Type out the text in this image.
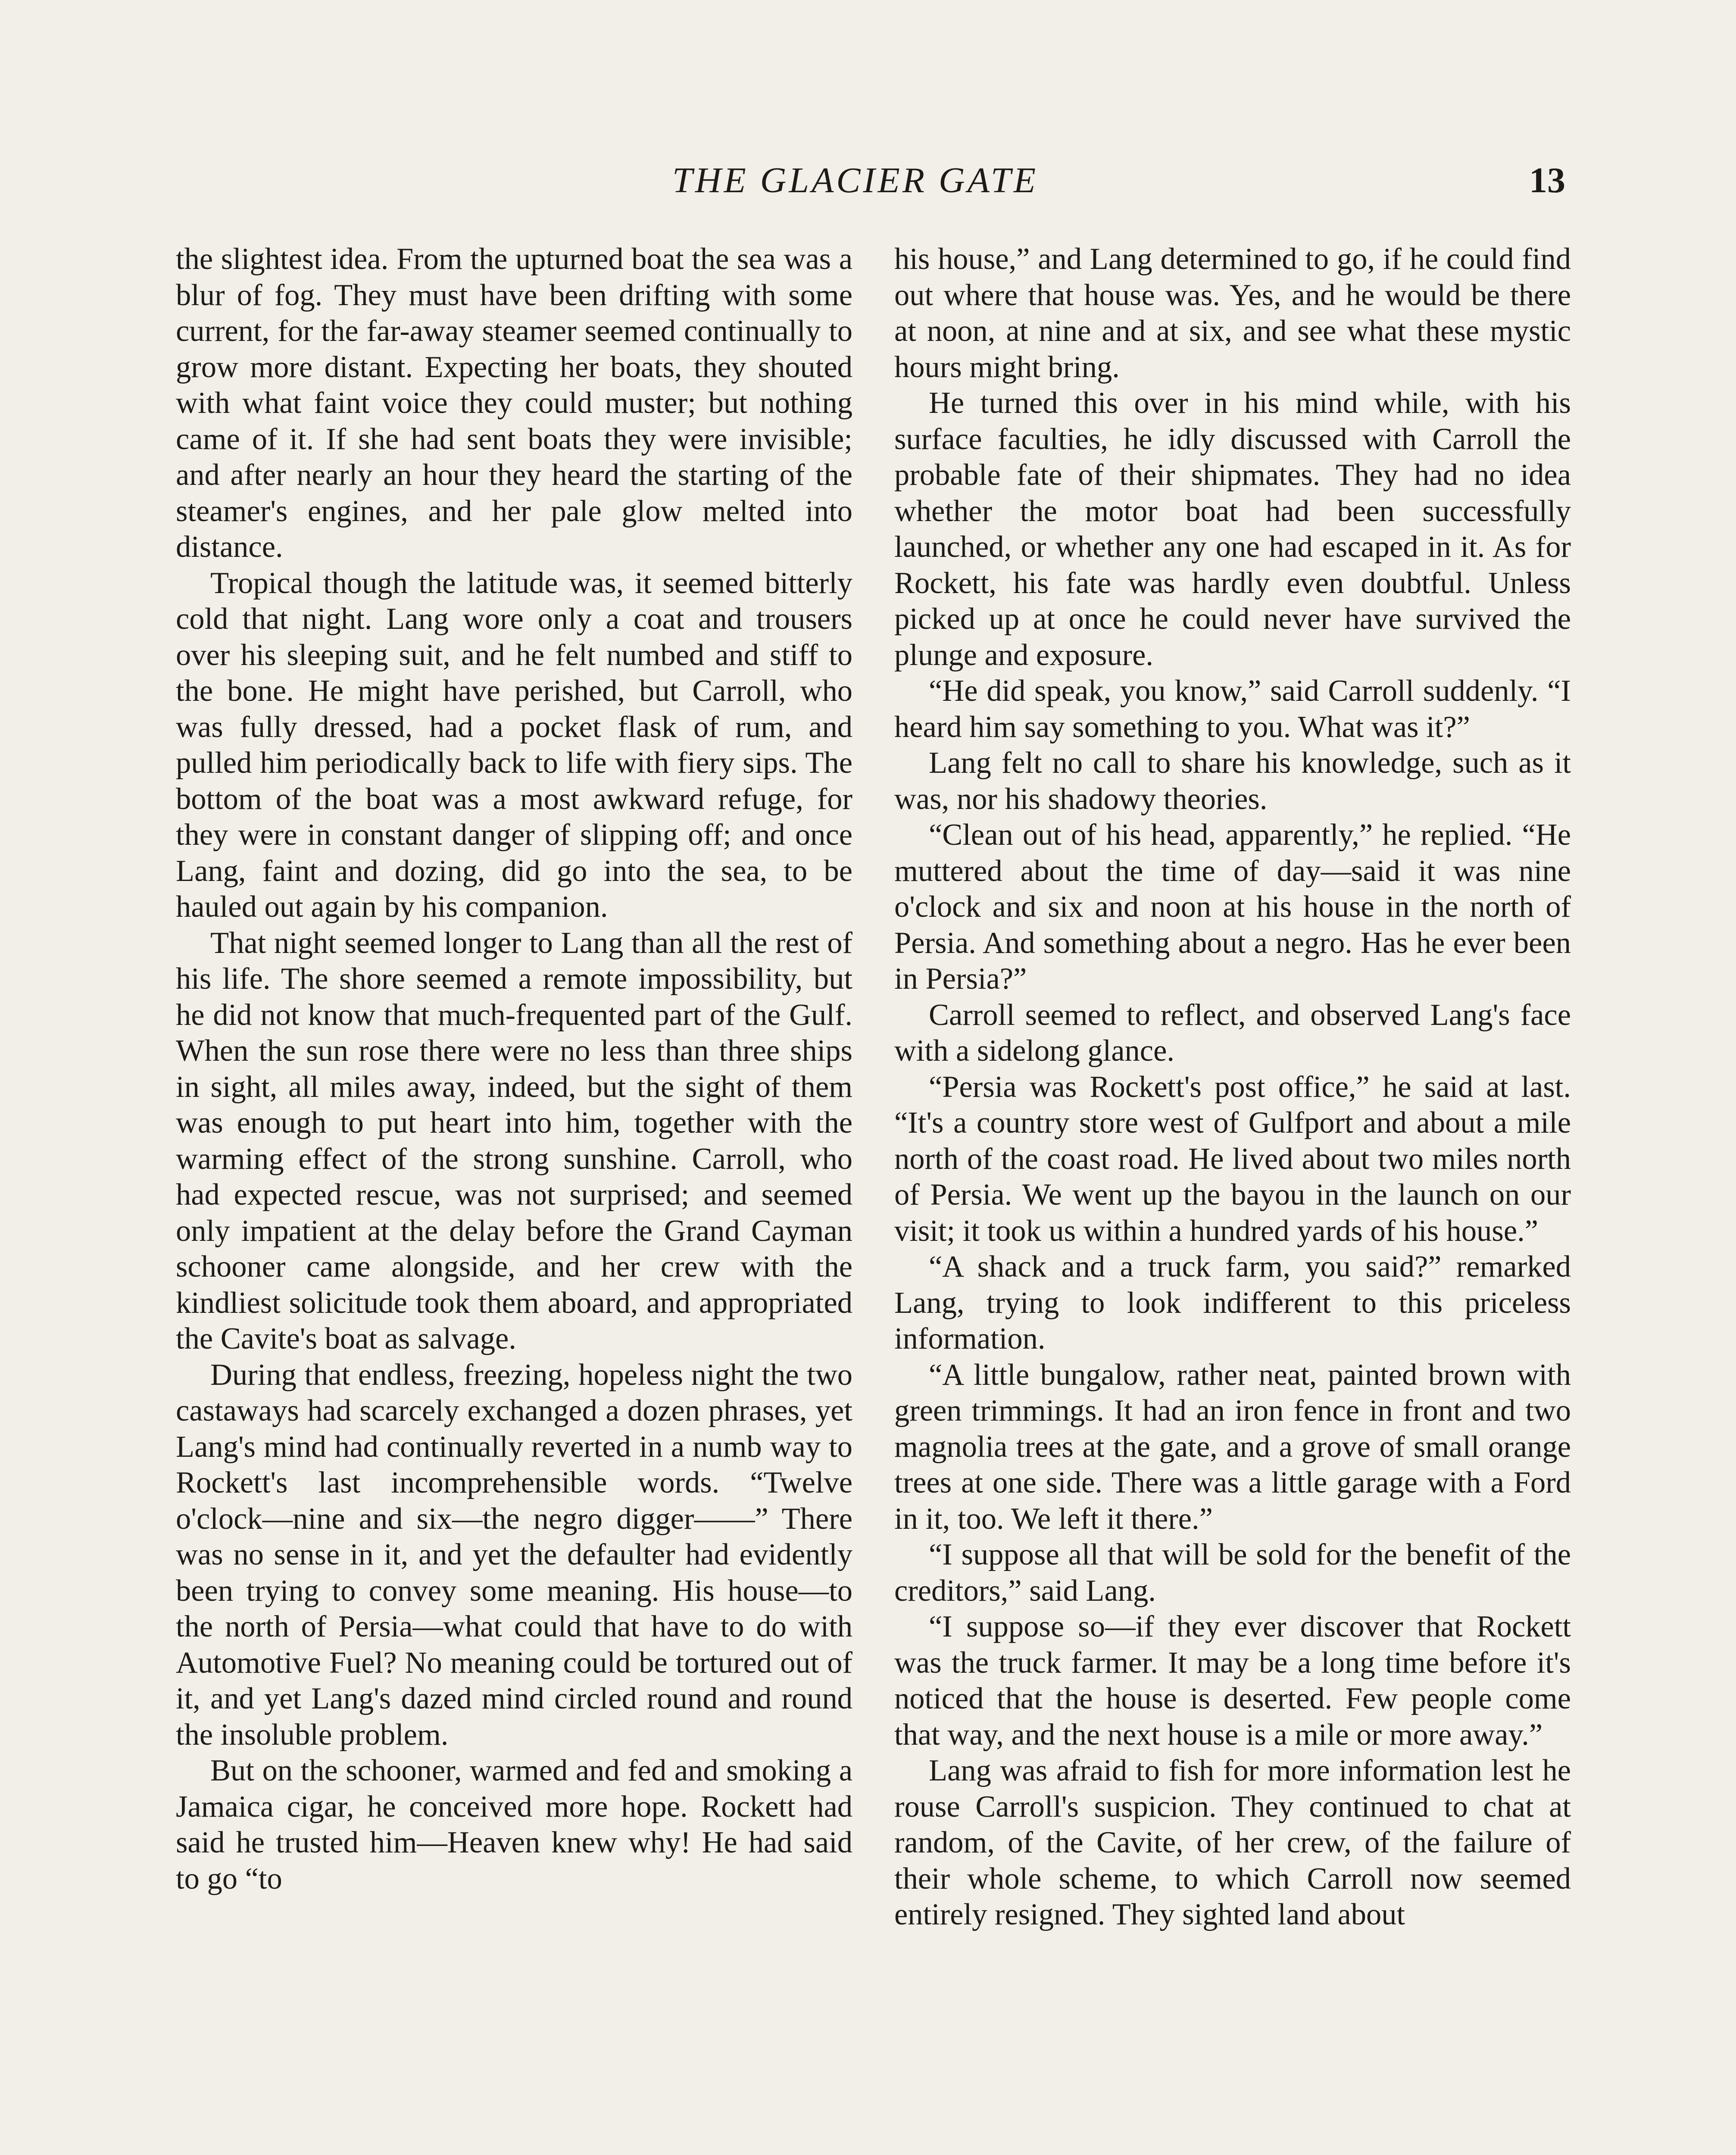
THE GLACIER GATE	13

the slightest idea. From the upturned boat the sea was a blur of fog. They must have been drifting with some current, for the far-away steamer seemed continually to grow more distant. Expecting her boats, they shouted with what faint voice they could muster; but nothing came of it. If she had sent boats they were invisible; and after nearly an hour they heard the starting of the steamer's engines, and her pale glow melted into distance.

Tropical though the latitude was, it seemed bitterly cold that night. Lang wore only a coat and trousers over his sleeping suit, and he felt numbed and stiff to the bone. He might have perished, but Carroll, who was fully dressed, had a pocket flask of rum, and pulled him periodically back to life with fiery sips. The bottom of the boat was a most awkward refuge, for they were in constant danger of slipping off; and once Lang, faint and dozing, did go into the sea, to be hauled out again by his companion.

That night seemed longer to Lang than all the rest of his life. The shore seemed a remote impossibility, but he did not know that much-frequented part of the Gulf. When the sun rose there were no less than three ships in sight, all miles away, indeed, but the sight of them was enough to put heart into him, together with the warming effect of the strong sunshine. Carroll, who had expected rescue, was not surprised; and seemed only impatient at the delay before the Grand Cayman schooner came alongside, and her crew with the kindliest solicitude took them aboard, and appropriated the Cavite's boat as salvage.

During that endless, freezing, hopeless night the two castaways had scarcely exchanged a dozen phrases, yet Lang's mind had continually reverted in a numb way to Rockett's last incomprehensible words. “Twelve o'clock—nine and six—the negro digger——” There was no sense in it, and yet the defaulter had evidently been trying to convey some meaning. His house—to the north of Persia—what could that have to do with Automotive Fuel? No meaning could be tortured out of it, and yet Lang's dazed mind circled round and round the insoluble problem.

But on the schooner, warmed and fed and smoking a Jamaica cigar, he conceived more hope. Rockett had said he trusted him—Heaven knew why! He had said to go “to

his house,” and Lang determined to go, if he could find out where that house was. Yes, and he would be there at noon, at nine and at six, and see what these mystic hours might bring.

He turned this over in his mind while, with his surface faculties, he idly discussed with Carroll the probable fate of their shipmates. They had no idea whether the motor boat had been successfully launched, or whether any one had escaped in it. As for Rockett, his fate was hardly even doubtful. Unless picked up at once he could never have survived the plunge and exposure.

“He did speak, you know,” said Carroll suddenly. “I heard him say something to you. What was it?”

Lang felt no call to share his knowledge, such as it was, nor his shadowy theories.

“Clean out of his head, apparently,” he replied. “He muttered about the time of day—said it was nine o'clock and six and noon at his house in the north of Persia. And something about a negro. Has he ever been in Persia?”

Carroll seemed to reflect, and observed Lang's face with a sidelong glance.

“Persia was Rockett's post office,” he said at last. “It's a country store west of Gulfport and about a mile north of the coast road. He lived about two miles north of Persia. We went up the bayou in the launch on our visit; it took us within a hundred yards of his house.”

“A shack and a truck farm, you said?” remarked Lang, trying to look indifferent to this priceless information.

“A little bungalow, rather neat, painted brown with green trimmings. It had an iron fence in front and two magnolia trees at the gate, and a grove of small orange trees at one side. There was a little garage with a Ford in it, too. We left it there.”

“I suppose all that will be sold for the benefit of the creditors,” said Lang.

“I suppose so—if they ever discover that Rockett was the truck farmer. It may be a long time before it's noticed that the house is deserted. Few people come that way, and the next house is a mile or more away.”

Lang was afraid to fish for more information lest he rouse Carroll's suspicion. They continued to chat at random, of the Cavite, of her crew, of the failure of their whole scheme, to which Carroll now seemed entirely resigned. They sighted land about
